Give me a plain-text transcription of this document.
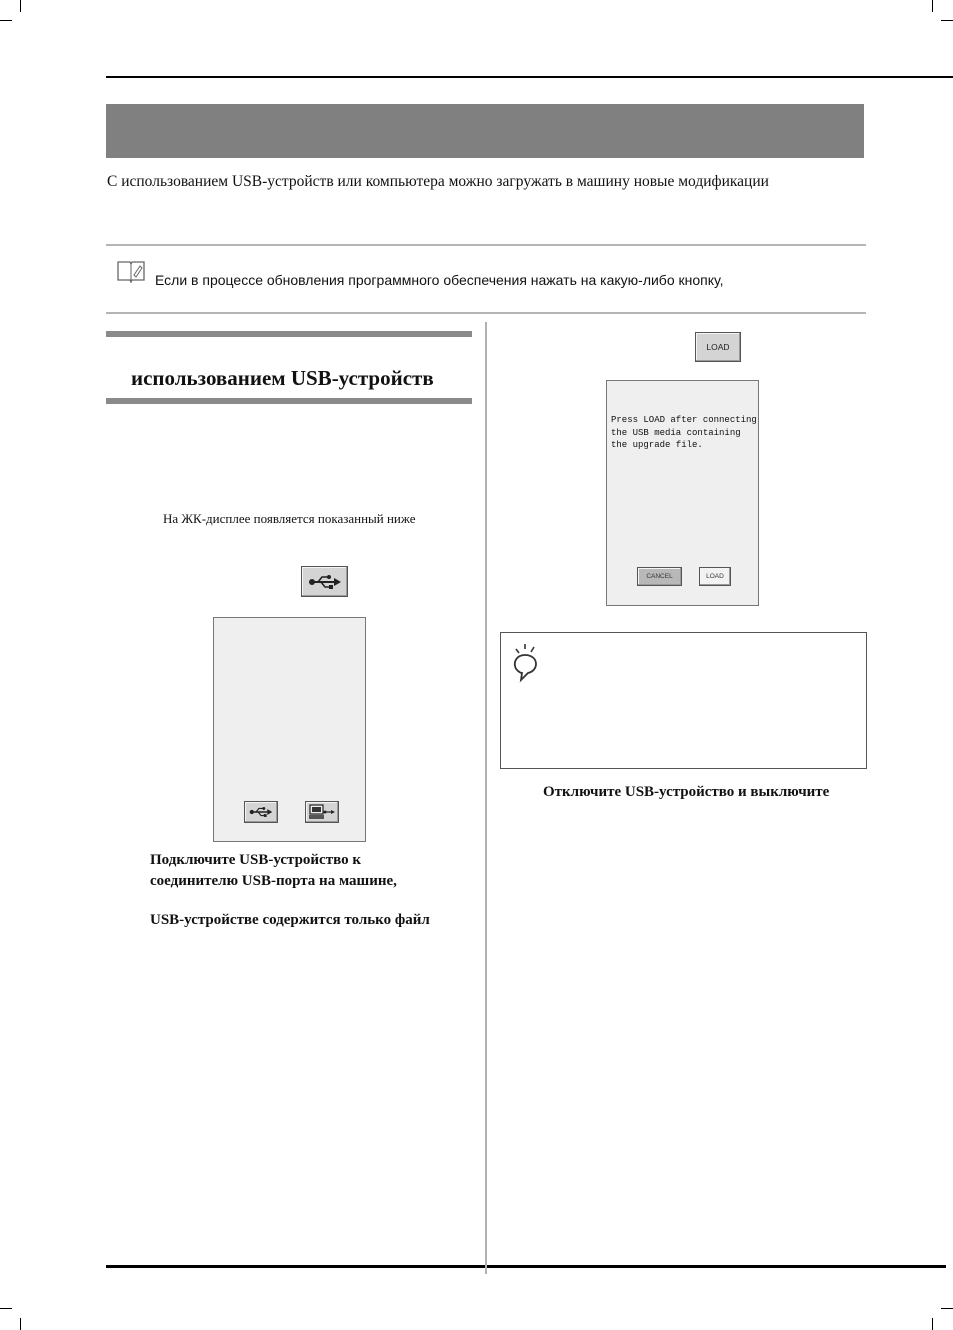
С использованием USB-устройств или компьютера можно загружать в машину новые модификации
Если в процессе обновления программного обеспечения нажать на какую-либо кнопку,
использованием USB-устройств
На ЖК-дисплее появляется показанный ниже
Подключите USB-устройство к
соединителю USB-порта на машине,
USB-устройстве содержится только файл
LOAD
Press LOAD after connecting
the USB media containing
the upgrade file.
CANCEL	LOAD
Отключите USB-устройство и выключите
